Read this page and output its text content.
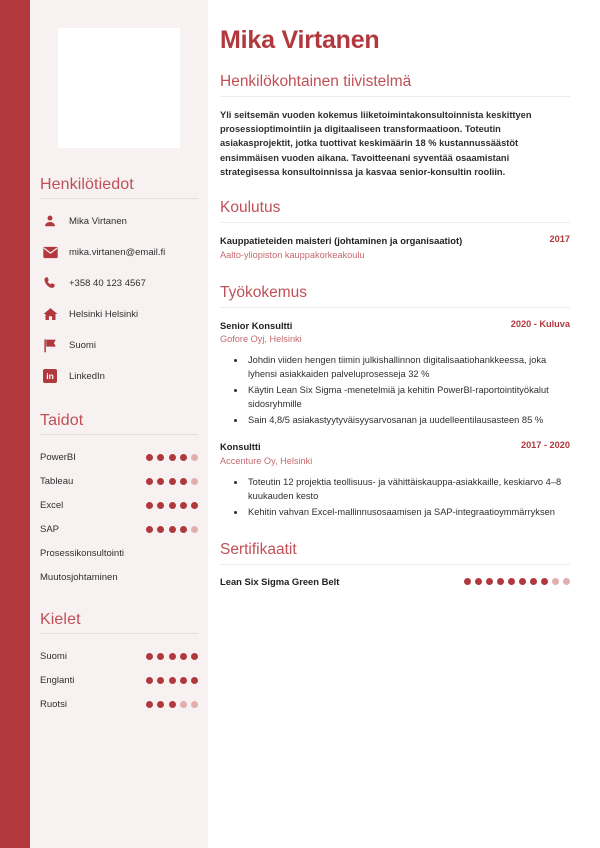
Henkilötiedot
Mika Virtanen
mika.virtanen@email.fi
+358 40 123 4567
Helsinki Helsinki
Suomi
in	LinkedIn
Taidot
PowerBI
Tableau
Excel
SAP
Prosessikonsultointi
Muutosjohtaminen
Kielet
Suomi
Englanti
Ruotsi
Mika Virtanen
Henkilökohtainen tiivistelmä

Yli seitsemän vuoden kokemus liiketoimintakonsultoinnista keskittyen prosessioptimointiin ja digitaaliseen transformaatioon. Toteutin asiakasprojektit, jotka tuottivat keskimäärin 18 % kustannussäästöt ensimmäisen vuoden aikana. Tavoitteenani syventää osaamistani strategisessa konsultoinnissa ja kasvaa senior-konsultin rooliin.

Koulutus
Kauppatieteiden maisteri (johtaminen ja organisaatiot)	2017
Aalto-yliopiston kauppakorkeakoulu
Työkokemus
Senior Konsultti	2020 - Kuluva
Gofore Oyj, Helsinki
• Johdin viiden hengen tiimin julkishallinnon digitalisaatiohankkeessa, joka lyhensi asiakkaiden palveluprosesseja 32 %
• Käytin Lean Six Sigma -menetelmiä ja kehitin PowerBI-raportointityökalut sidosryhmille
• Sain 4,8/5 asiakastyytyväisyysarvosanan ja uudelleentilausasteen 85 %
Konsultti	2017 - 2020
Accenture Oy, Helsinki
• Toteutin 12 projektia teollisuus- ja vähittäiskauppa-asiakkaille, keskiarvo 4–8 kuukauden kesto
• Kehitin vahvan Excel-mallinnusosaamisen ja SAP-integraatioymmärryksen
Sertifikaatit
Lean Six Sigma Green Belt
